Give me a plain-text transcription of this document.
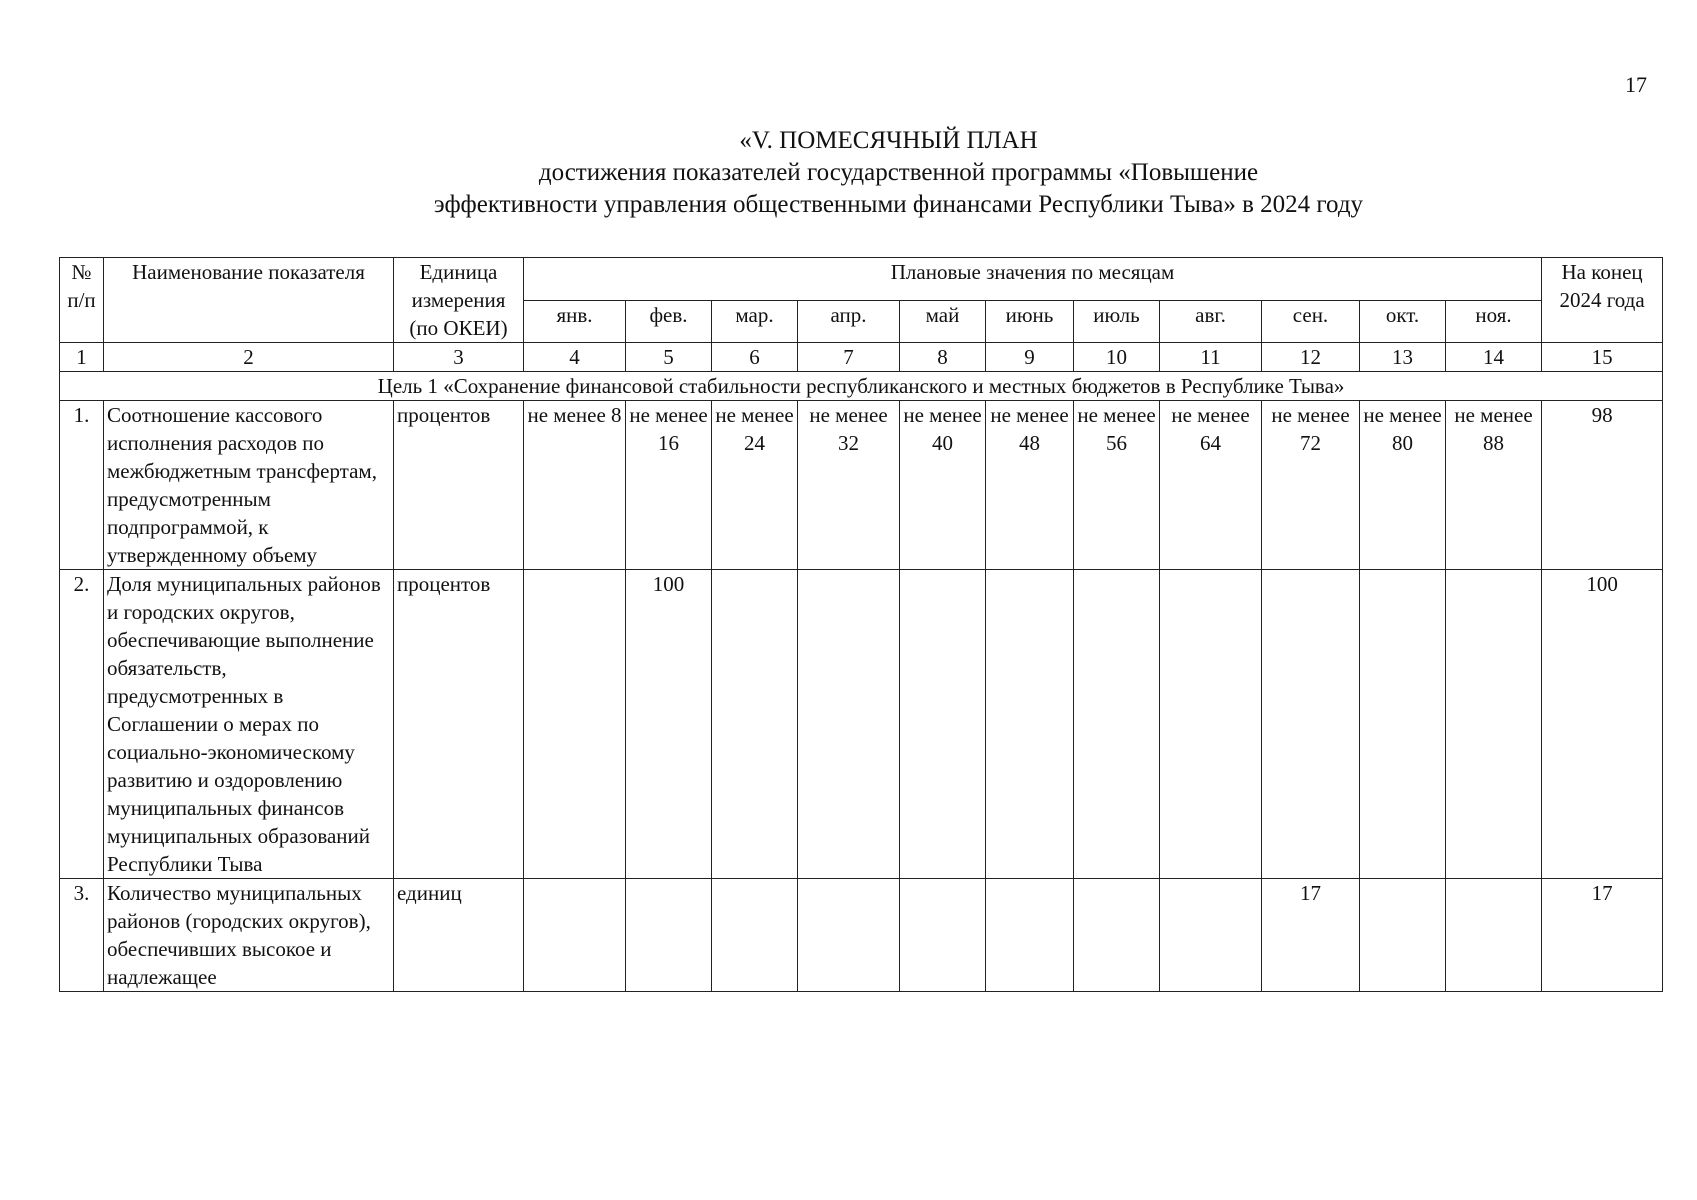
17
«V. ПОМЕСЯЧНЫЙ ПЛАН
достижения показателей государственной программы «Повышение
эффективности управления общественными финансами Республики Тыва» в 2024 году
№ п/п	Наименование показателя	Единица измерения (по ОКЕИ)	Плановые значения по месяцам											На конец 2024 года
			янв.	фев.	мар.	апр.	май	июнь	июль	авг.	сен.	окт.	ноя.	
1	2	3	4	5	6	7	8	9	10	11	12	13	14	15
Цель 1 «Сохранение финансовой стабильности республиканского и местных бюджетов в Республике Тыва»														
1.	Соотношение кассового исполнения расходов по межбюджетным трансфертам, предусмотренным подпрограммой, к утвержденному объему	процентов	не менее 8	не менее 16	не менее 24	не менее 32	не менее 40	не менее 48	не менее 56	не менее 64	не менее 72	не менее 80	не менее 88	98
2.	Доля муниципальных районов и городских округов, обеспечивающие выполнение обязательств, предусмотренных в Соглашении о мерах по социально-экономическому развитию и оздоровлению муниципальных финансов муниципальных образований Республики Тыва	процентов		100										100
3.	Количество муниципальных районов (городских округов), обеспечивших высокое и надлежащее	единиц									17			17
